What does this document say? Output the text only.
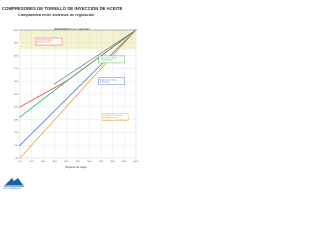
COMPRESORES DE TORNILLO DE INYECCIÓN DE ACEITE
Comparativa entre sistemas de regulación
Control todo-nada con arranque en vacío
Regulación por válvula de estrangulación
Regulación por válvula de corredera
COMPRESOR: Velocidad variable Ajuste de la capacidad en función del consumo
0%	10%	20%	30%	40%	50%	60%	70%	80%	90%	100%
0%
10%
20%
30%
40%
50%
60%
70%
80%
90%
100%	RENDIMIENTO vs. Capacidad
Régimen de carga
AIR COMPRESSORS
